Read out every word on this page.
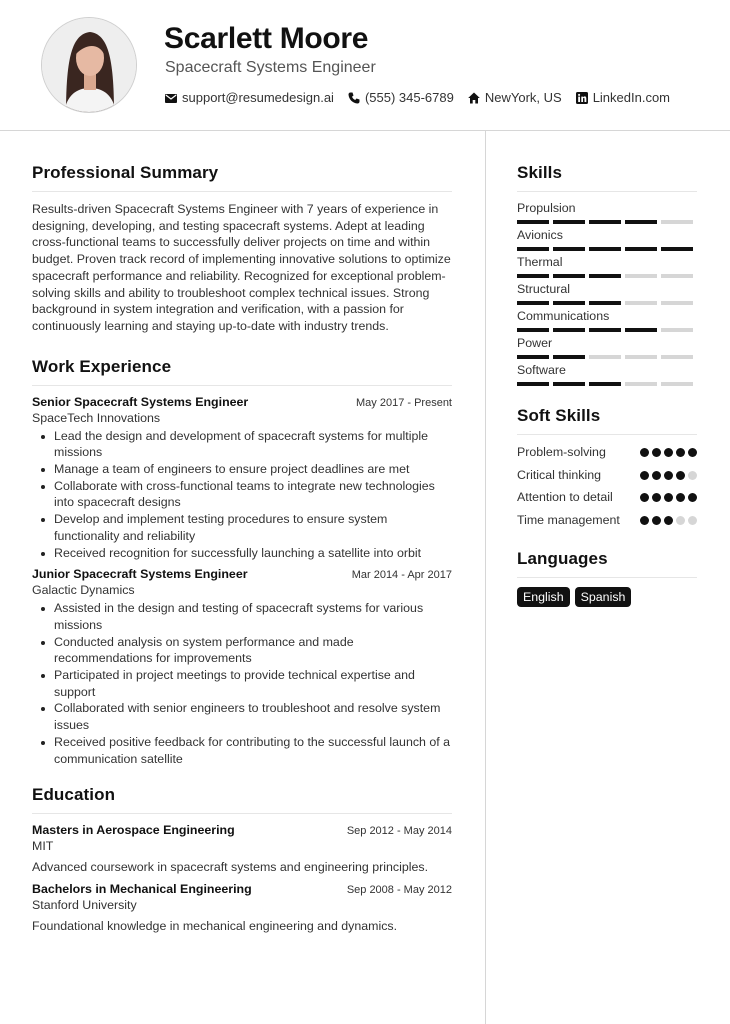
Scarlett Moore
Spacecraft Systems Engineer
support@resumedesign.ai (555) 345-6789 NewYork, US LinkedIn.com
Professional Summary

Results-driven Spacecraft Systems Engineer with 7 years of experience in designing, developing, and testing spacecraft systems. Adept at leading cross-functional teams to successfully deliver projects on time and within budget. Proven track record of implementing innovative solutions to optimize spacecraft performance and reliability. Recognized for exceptional problem-solving skills and ability to troubleshoot complex technical issues. Strong background in system integration and verification, with a passion for continuously learning and staying up-to-date with industry trends.

Work Experience
Senior Spacecraft Systems Engineer	May 2017 - Present
SpaceTech Innovations
Lead the design and development of spacecraft systems for multiple missions
Manage a team of engineers to ensure project deadlines are met
Collaborate with cross-functional teams to integrate new technologies into spacecraft designs
Develop and implement testing procedures to ensure system functionality and reliability
Received recognition for successfully launching a satellite into orbit
Junior Spacecraft Systems Engineer	Mar 2014 - Apr 2017
Galactic Dynamics
Assisted in the design and testing of spacecraft systems for various missions
Conducted analysis on system performance and made recommendations for improvements
Participated in project meetings to provide technical expertise and support
Collaborated with senior engineers to troubleshoot and resolve system issues
Received positive feedback for contributing to the successful launch of a communication satellite
Education
Masters in Aerospace Engineering	Sep 2012 - May 2014
MIT
Advanced coursework in spacecraft systems and engineering principles.
Bachelors in Mechanical Engineering	Sep 2008 - May 2012
Stanford University
Foundational knowledge in mechanical engineering and dynamics.
Skills
Propulsion
Avionics
Thermal
Structural
Communications
Power
Software
Soft Skills
Problem-solving
Critical thinking
Attention to detail
Time management
Languages
English	Spanish
